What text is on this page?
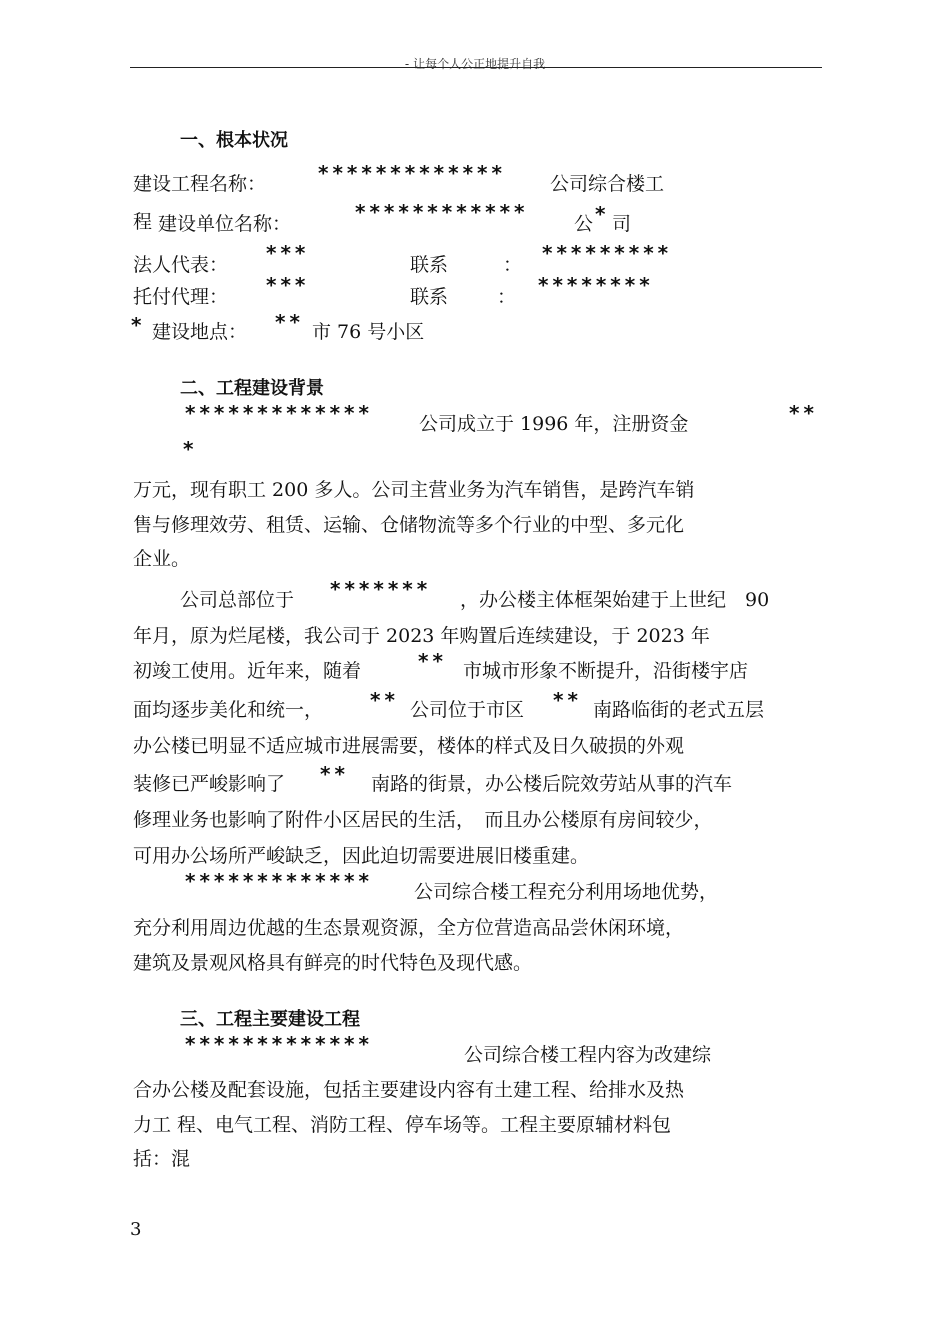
- 让每个人公正地提升自我
一、根本状况
建设工程名称：	************* 公司综合楼工
程 建设单位名称：	************ 公 * 司
法人代表： ***	联系	： *********
托付代理： ***	联系	： ********
* 建设地点： ** 市 76 号小区
二、工程建设背景
************* 公司成立于 1996 年，注册资金	**
*
万元，现有职工 200 多人。公司主营业务为汽车销售，是跨汽车销
售与修理效劳、租赁、运输、仓储物流等多个行业的中型、多元化
企业。
公司总部位于 ******* ，办公楼主体框架始建于上世纪　90
年月，原为烂尾楼，我公司于 2023 年购置后连续建设，于 2023 年
初竣工使用。近年来，随着	** 市城市形象不断提升，沿街楼宇店
面均逐步美化和统一， ** 公司位于市区 ** 南路临街的老式五层
办公楼已明显不适应城市进展需要，楼体的样式及日久破损的外观
装修已严峻影响了 ** 南路的街景，办公楼后院效劳站从事的汽车
修理业务也影响了附件小区居民的生活，　而且办公楼原有房间较少，
可用办公场所严峻缺乏，因此迫切需要进展旧楼重建。
************* 公司综合楼工程充分利用场地优势，
充分利用周边优越的生态景观资源，全方位营造高品尝休闲环境，
建筑及景观风格具有鲜亮的时代特色及现代感。
三、工程主要建设工程
*************	公司综合楼工程内容为改建综
合办公楼及配套设施，包括主要建设内容有土建工程、给排水及热
力工 程、电气工程、消防工程、停车场等。工程主要原辅材料包
括：混
3
